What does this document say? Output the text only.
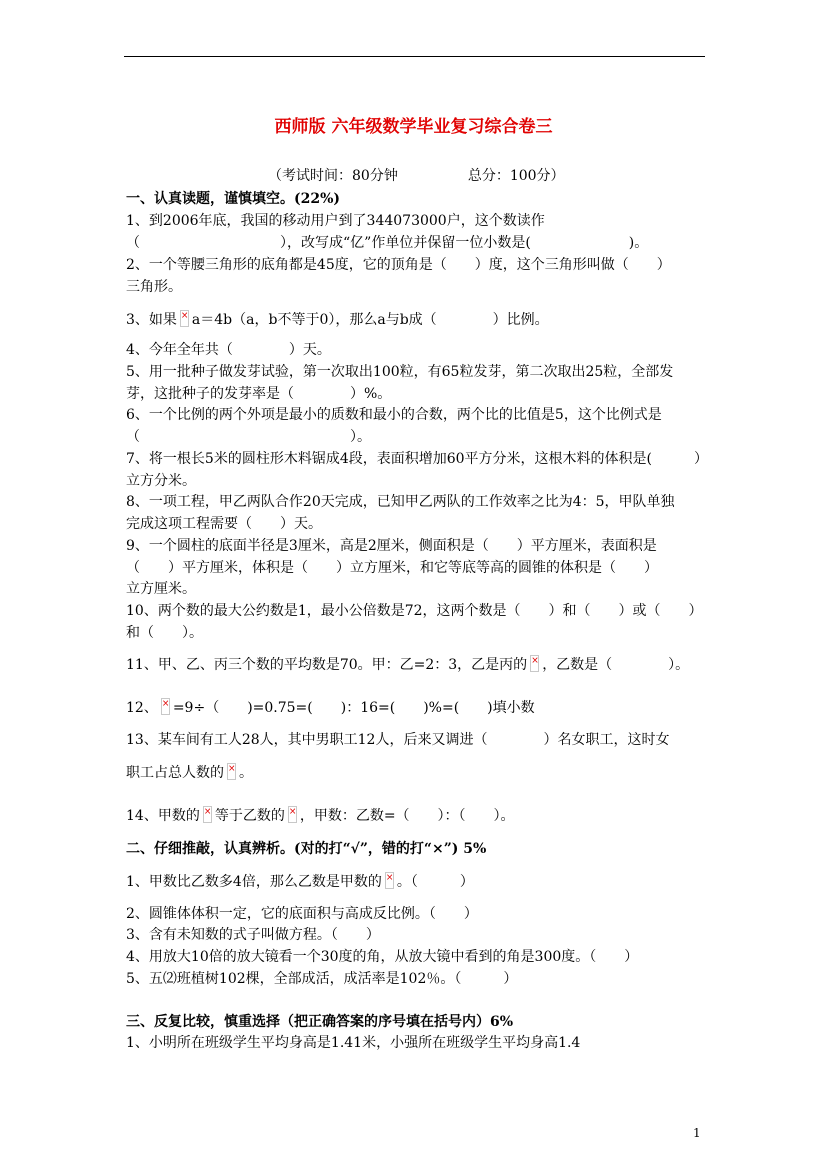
西师版 六年级数学毕业复习综合卷三
（考试时间：80分钟　　　　　总分：100分）
一、认真读题，谨慎填空。(22%)
1、到2006年底，我国的移动用户到了344073000户，这个数读作
（　　　　　　　　　　），改写成“亿”作单位并保留一位小数是(　　　　　　　)。
2、一个等腰三角形的底角都是45度，它的顶角是（　　）度，这个三角形叫做（　　）
三角形。
3、如果 × a＝4b（a，b不等于0），那么a与b成（　　　　）比例。
4、今年全年共（　　　　）天。
5、用一批种子做发芽试验，第一次取出100粒，有65粒发芽，第二次取出25粒，全部发
芽，这批种子的发芽率是（　　　　）%。
6、一个比例的两个外项是最小的质数和最小的合数，两个比的比值是5，这个比例式是
（　　　　　　　　　　　　　　　）。
7、将一根长5米的圆柱形木料锯成4段，表面积增加60平方分米，这根木料的体积是(　　　）
立方分米。
8、一项工程，甲乙两队合作20天完成，已知甲乙两队的工作效率之比为4：5，甲队单独
完成这项工程需要（　　）天。
9、一个圆柱的底面半径是3厘米，高是2厘米，侧面积是（　　）平方厘米，表面积是
（　　）平方厘米，体积是（　　）立方厘米，和它等底等高的圆锥的体积是（　　）
立方厘米。
10、两个数的最大公约数是1，最小公倍数是72，这两个数是（　　）和（　　）或（　　）
和（　　）。
11、甲、乙、丙三个数的平均数是70。甲：乙=2：3，乙是丙的 × ，乙数是（　　　　）。
12、 × =9÷（　　)=0.75=(　　)：16=(　　)%=(　　)填小数
13、某车间有工人28人，其中男职工12人，后来又调进（　　　　）名女职工，这时女
职工占总人数的 × 。
14、甲数的 × 等于乙数的 × ，甲数：乙数=（　　）：（　　）。
二、仔细推敲，认真辨析。(对的打“√”，错的打“×”) 5%
1、甲数比乙数多4倍，那么乙数是甲数的 × 。（　　　）
2、圆锥体体积一定，它的底面积与高成反比例。（　　）
3、含有未知数的式子叫做方程。（　　）
4、用放大10倍的放大镜看一个30度的角，从放大镜中看到的角是300度。（　　）
5、五⑵班植树102棵，全部成活，成活率是102％。（　　　）
三、反复比较，慎重选择（把正确答案的序号填在括号内）6%
1、小明所在班级学生平均身高是1.41米，小强所在班级学生平均身高1.4
1
